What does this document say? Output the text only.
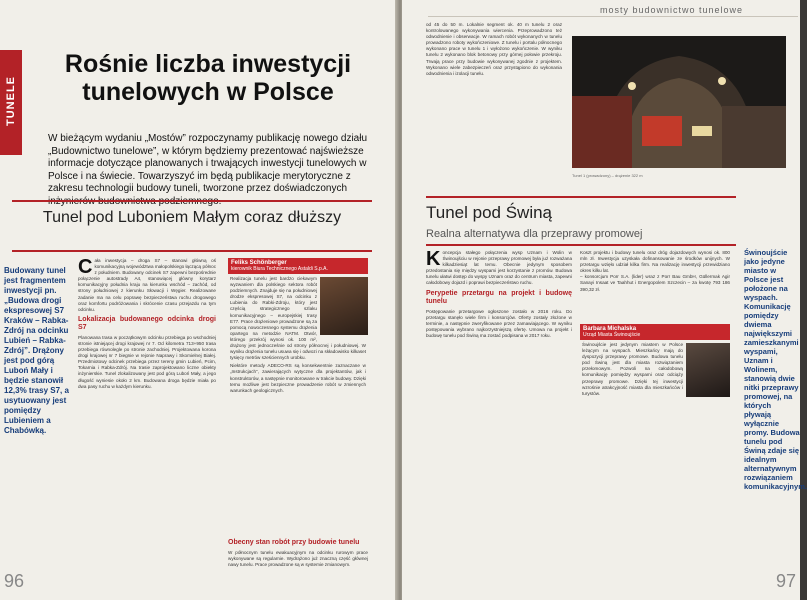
TUNELE
Rośnie liczba inwestycji tunelowych w Polsce
W bieżącym wydaniu „Mostów” rozpoczynamy publikację nowego działu „Budownictwo tunelowe”, w którym będziemy prezentować najświeższe informacje dotyczące planowanych i trwających inwestycji tunelowych w Polsce i na świecie. Towarzyszyć im będą publikacje merytoryczne z zakresu technologii budowy tuneli, tworzone przez doświadczonych
Tunel pod Luboniem Małym coraz dłuższy
Budowany tunel jest fragmentem inwestycji pn. „Budowa drogi ekspresowej S7 Kraków – Rabka-Zdrój na odcinku Lubień – Rabka-Zdrój”. Drążony jest pod górą Luboń Mały i będzie stanowił 12,3% trasy S7, a usytuowany jest pomiędzy Lubieniem a Chabówką.
C ała inwestycja – droga S7 – stanowi główną oś komunikacyjną województwa małopolskiego łączącą północ z południem. Budowany odcinek S7 zapewni bezpośrednie połączenie autostrady A4, stanowiącej główny korytarz komunikacyjny południa kraju na kierunku wschód – zachód, od strony południowej z kierunku Słowacji i Węgier. Realizowane zadanie ma na celu poprawę bezpieczeństwa ruchu drogowego oraz komfortu podróżowania i skrócenie czasu przejazdu na tym odcinku.
Lokalizacja budowanego odcinka drogi S7
Planowana trasa w początkowym odcinku przebiega po wschodniej stronie istniejącej drogi krajowej nr 7. Od kilometra 713+950 trasa przebiega równolegle po stronie zachodniej. Projektowana korona drogi krajowej nr 7 biegnie w rejonie Naprawy i Skomielnej Białej. Przedmiotowy odcinek przebiega przez tereny gmin Lubień, Pcim, Tokarnia i Rabka-Zdrój. Na trasie zaprojektowano liczne obiekty inżynierskie. Tunel zlokalizowany jest pod górą Luboń Mały, a jego długość wyniesie około 2 km. Budowana droga będzie miała po dwa pasy ruchu w każdym kierunku.
Feliks Schönberger
kierownik Biura Technicznego Astaldi S.p.A.
Realizacja tunelu jest bardzo ciekawym wyzwaniem dla polskiego sektora robót podziemnych. Znajduje się na południowej drodze ekspresowej S7, na odcinku z Lubienia do Rabki-Zdroju, który jest częścią strategicznego szlaku komunikacyjnego – europejskiej trasy E77. Prace drążeniowe prowadzone są za pomocą nowoczesnego systemu drążenia opartego na metodzie NATM. Otwór, którego przekrój wynosi ok. 100 m², drążony jest jednocześnie od strony północnej i południowej. W wyniku drążenia tunelu usuwa się i odwozi na składowisko kilkaset tysięcy metrów sześciennych urobku.
Niektóre metody ADECO-RS są konsekwentnie zaznaczane w „Instrukcjach”, zawierających wytyczne dla projektantów, jak i konstruktorów, a następnie monitorowane w trakcie budowy. Dzięki temu możliwe jest bezpieczne prowadzenie robót w zmiennych warunkach geologicznych.
Obecny stan robót przy budowie tunelu
W północnym tunelu ewakuacyjnym na odcinku rurowym prace wykonywane są regularnie. Wydrążono już znaczną część głównej nawy tunelu. Prace prowadzone są w systemie zmianowym.
96
mosty budownictwo tunelowe
od 45 do 50 m. Lokalnie segment ok. 40 m tunelu 2 oraz kontrolowanego wykonywania wiercenia. Przeprowadzono też odwodnienie i obserwacje. W ramach robót wykonanych w tunelu prowadzono roboty wykończeniowe. Z tunelu i portalu północnego wykonano prace w tunelu 1 i wyłożono wykończenie. W wyniku tunelu 2 wykonano blok betonowy przy górnej połowie przekroju. Trwają prace przy budowie wykonywanej zgodnie z projektem. Wykonano wiele zabezpieczeń oraz przystąpiono do wykonania odwodnienia i izolacji tunelu.
Tunel 1 (prowadzony) – drążenie 322 m
Tunel pod Świną
Realna alternatywa dla przeprawy promowej
K oncepcja stałego połączenia wysp Uznam i Wolin w Świnoujściu w rejonie przeprawy promowej była już rozważana kilkadziesiąt lat temu. Obecnie jedynym sposobem przedostania się między wyspami jest korzystanie z promów. Budowa tunelu ułatwi dostęp do wyspy Uznam oraz do centrum miasta, zapewni całodobowy dojazd i poprawi bezpieczeństwo ruchu.
Perypetie przetargu na projekt i budowę tunelu
Postępowanie przetargowe ogłoszone zostało w 2016 roku. Do przetargu stanęło wiele firm i konsorcjów. Oferty zostały złożone w terminie, a następnie zweryfikowane przez zamawiającego. W wyniku postępowania wybrano najkorzystniejszą ofertę. Umowa na projekt i budowę tunelu pod Świną ma zostać podpisana w 2017 roku.
Koszt projektu i budowy tunelu oraz dróg dojazdowych wynosi ok. 800 mln zł. Inwestycja uzyskała dofinansowanie ze środków unijnych. W przetargu wzięło udział kilka firm. Na realizację inwestycji przewidziano okres kilku lat.
– konsorcjum Porr S.A. (lider) wraz z Porr Bau GmbH, Güllermak Agir Sanayi Insaat ve Taahhut i Energopolem Szczecin – za kwotę 793 186 390,32 zł.
Barbara Michalska
Urząd Miasta Świnoujście
Świnoujście jest jedynym miastem w Polsce leżącym na wyspach. Mieszkańcy mają do dyspozycji przeprawy promowe. Budowa tunelu pod Świną jest dla miasta rozwiązaniem przełomowym. Pozwoli na całodobową komunikację pomiędzy wyspami oraz odciąży przeprawy promowe. Dzięki tej inwestycji wzrośnie atrakcyjność miasta dla mieszkańców i turystów.
Świnoujście jako jedyne miasto w Polsce jest położone na wyspach. Komunikację pomiędzy dwiema największymi zamieszkanymi wyspami, Uznam i Wolinem, stanowią dwie nitki przeprawy promowej, na których pływają wyłącznie promy. Budowa tunelu pod Świną zdaje się idealnym alternatywnym rozwiązaniem komunikacyjnym.
97
